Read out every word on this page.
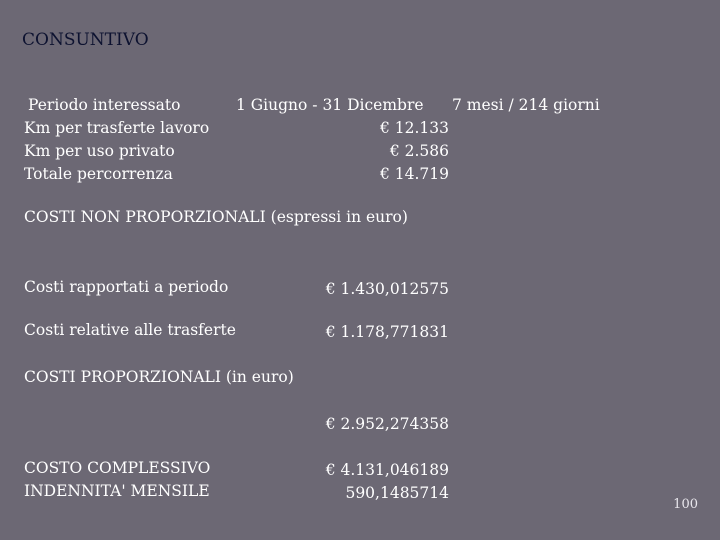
CONSUNTIVO
Periodo interessato	1 Giugno - 31 Dicembre 7 mesi / 214 giorni
Km per trasferte lavoro	€ 12.133
Km per uso privato	€ 2.586
Totale percorrenza	€ 14.719
COSTI NON PROPORZIONALI (espressi in euro)
Costi rapportati a periodo	€ 1.430,012575
Costi relative alle trasferte	€ 1.178,771831
COSTI PROPORZIONALI (in euro)
€ 2.952,274358
COSTO COMPLESSIVO	€ 4.131,046189
INDENNITA' MENSILE	590,1485714
100
